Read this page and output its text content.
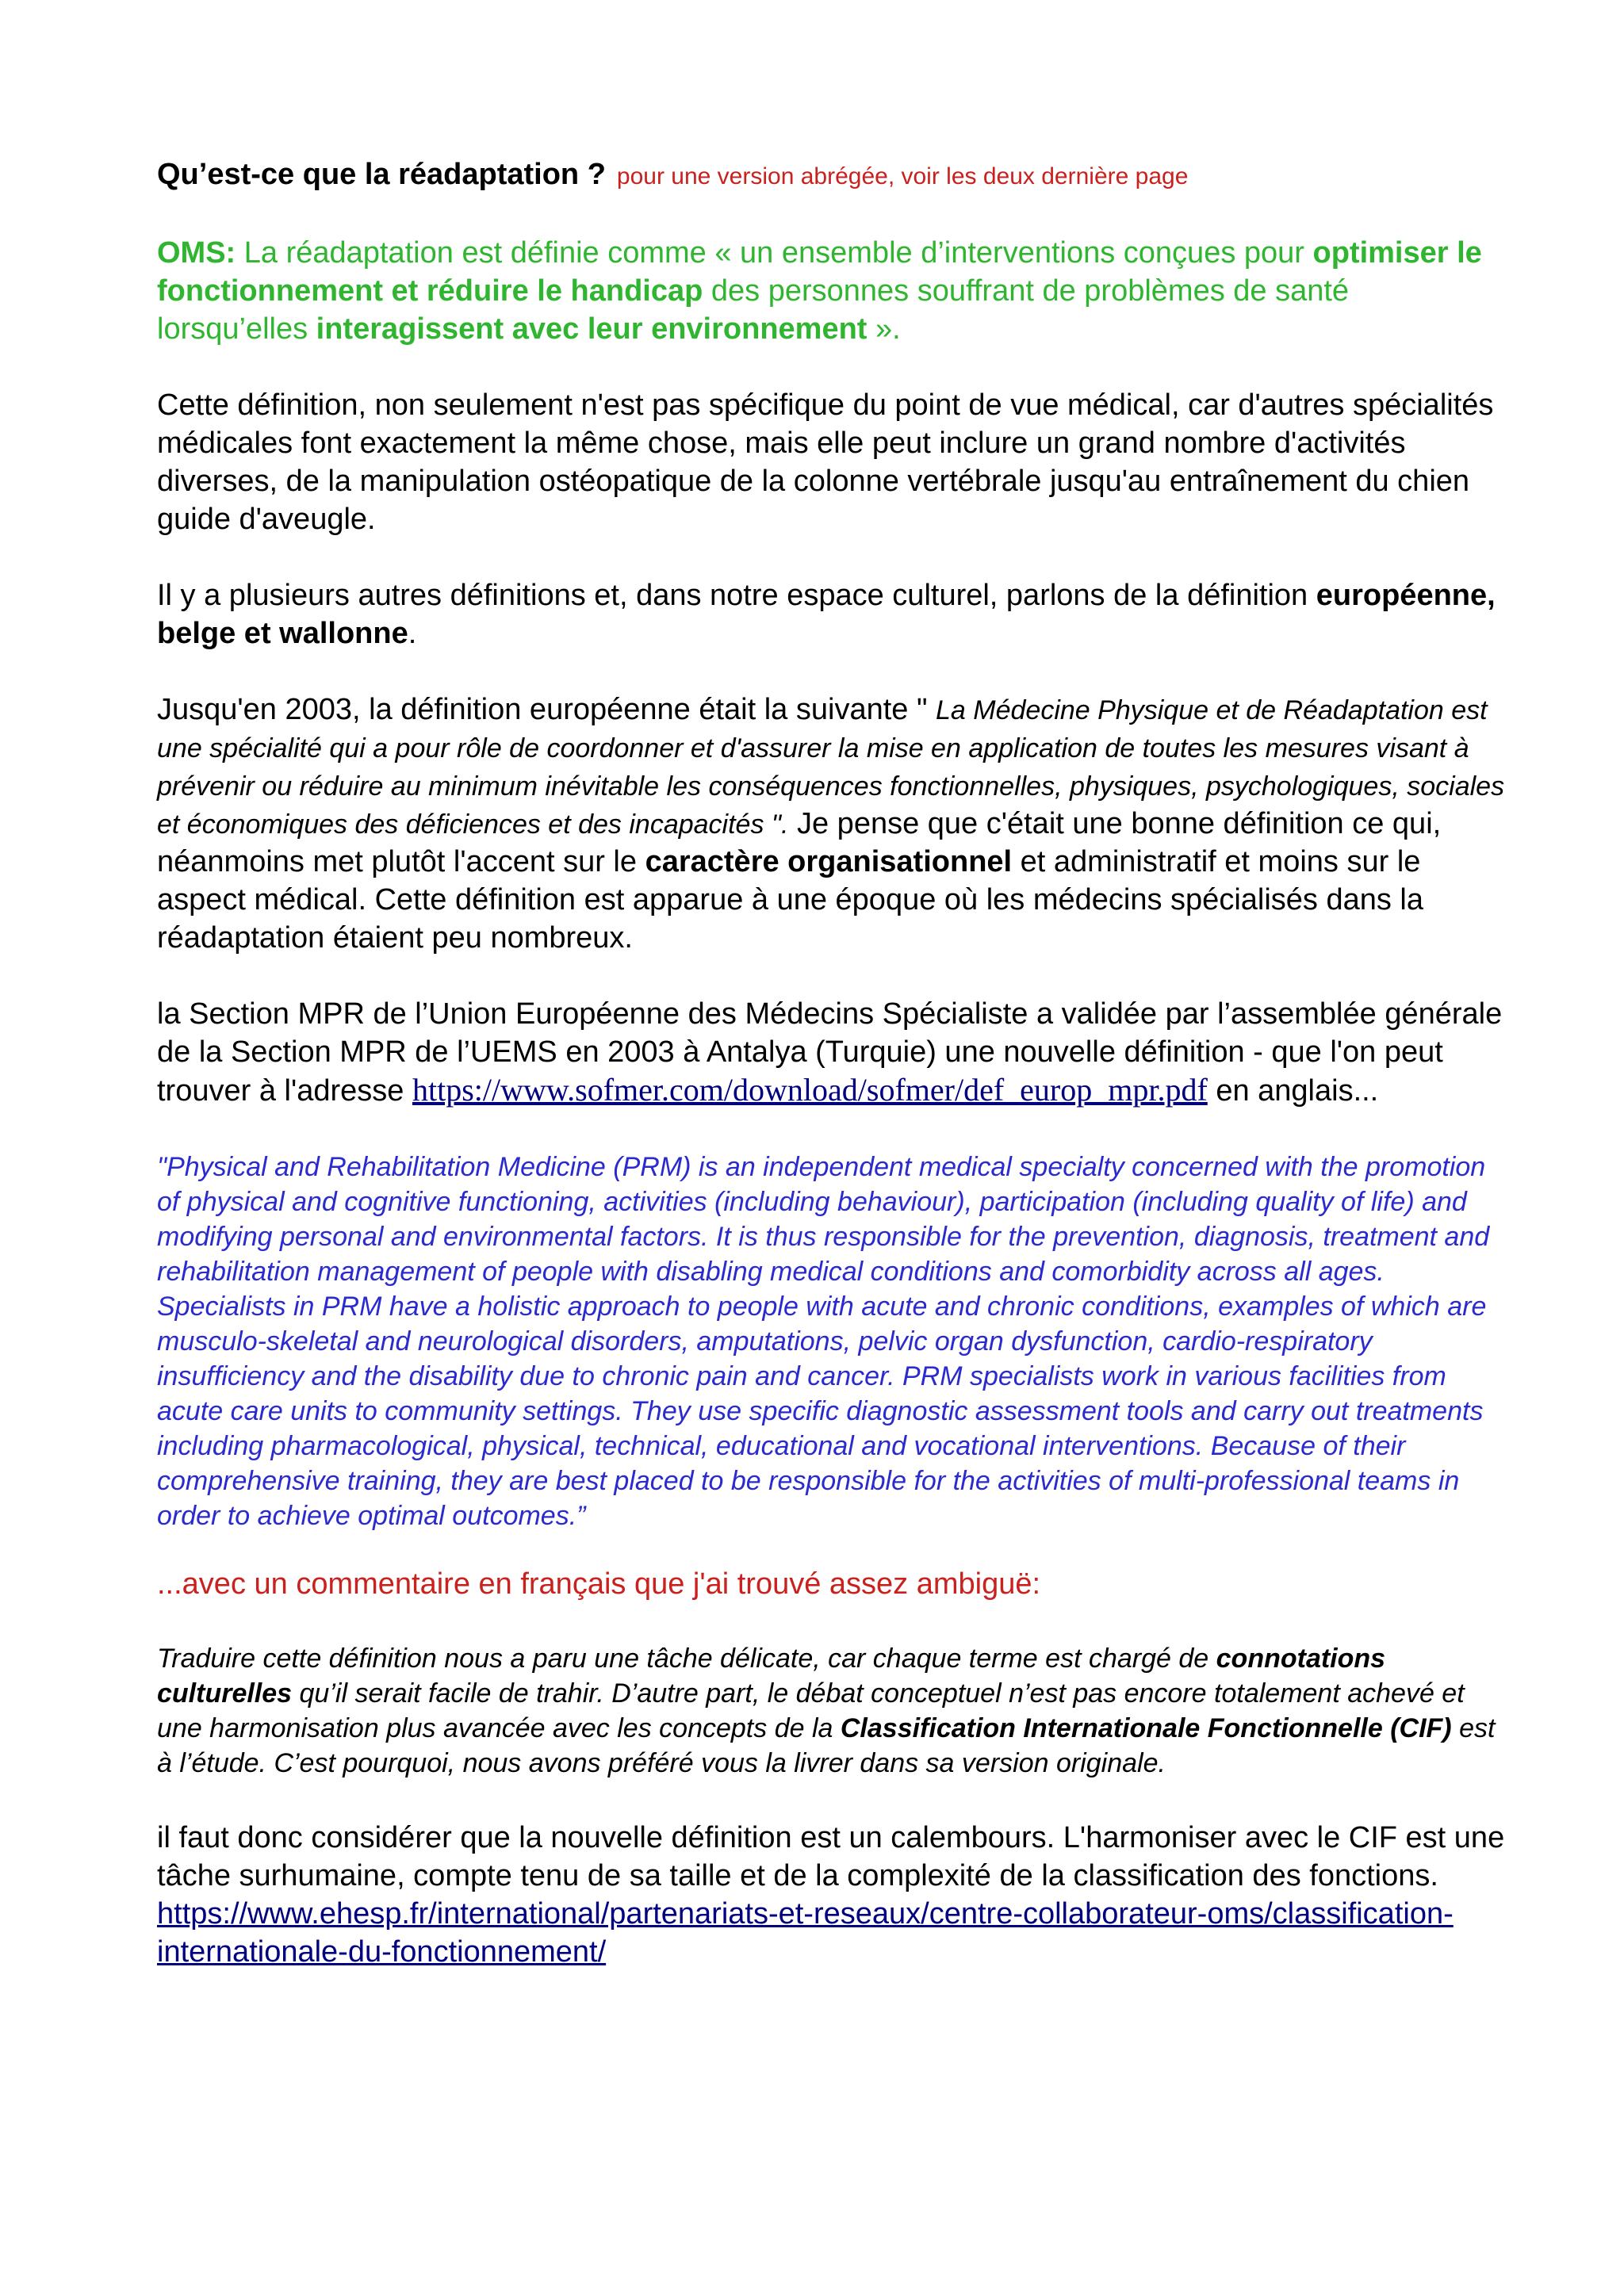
Qu’est-ce que la réadaptation ? pour une version abrégée, voir les deux dernière page

OMS: La réadaptation est définie comme « un ensemble d’interventions conçues pour optimiser le fonctionnement et réduire le handicap des personnes souffrant de problèmes de santé lorsqu’elles interagissent avec leur environnement ».

Cette définition, non seulement n'est pas spécifique du point de vue médical, car d'autres spécialités médicales font exactement la même chose, mais elle peut inclure un grand nombre d'activités diverses, de la manipulation ostéopatique de la colonne vertébrale jusqu'au entraînement du chien guide d'aveugle.

Il y a plusieurs autres définitions et, dans notre espace culturel, parlons de la définition européenne, belge et wallonne.

Jusqu'en 2003, la définition européenne était la suivante " La Médecine Physique et de Réadaptation est une spécialité qui a pour rôle de coordonner et d'assurer la mise en application de toutes les mesures visant à prévenir ou réduire au minimum inévitable les conséquences fonctionnelles, physiques, psychologiques, sociales et économiques des déficiences et des incapacités ". Je pense que c'était une bonne définition ce qui, néanmoins met plutôt l'accent sur le caractère organisationnel et administratif et moins sur le aspect médical. Cette définition est apparue à une époque où les médecins spécialisés dans la réadaptation étaient peu nombreux.

la Section MPR de l’Union Européenne des Médecins Spécialiste a validée par l’assemblée générale de la Section MPR de l’UEMS en 2003 à Antalya (Turquie) une nouvelle définition - que l'on peut trouver à l'adresse https://www.sofmer.com/download/sofmer/def_europ_mpr.pdf en anglais...

"Physical and Rehabilitation Medicine (PRM) is an independent medical specialty concerned with the promotion of physical and cognitive functioning, activities (including behaviour), participation (including quality of life) and modifying personal and environmental factors. It is thus responsible for the prevention, diagnosis, treatment and rehabilitation management of people with disabling medical conditions and comorbidity across all ages. Specialists in PRM have a holistic approach to people with acute and chronic conditions, examples of which are musculo-skeletal and neurological disorders, amputations, pelvic organ dysfunction, cardio-respiratory insufficiency and the disability due to chronic pain and cancer. PRM specialists work in various facilities from acute care units to community settings. They use specific diagnostic assessment tools and carry out treatments including pharmacological, physical, technical, educational and vocational interventions. Because of their comprehensive training, they are best placed to be responsible for the activities of multi-professional teams in order to achieve optimal outcomes.”

...avec un commentaire en français que j'ai trouvé assez ambiguë:

Traduire cette définition nous a paru une tâche délicate, car chaque terme est chargé de connotations culturelles qu’il serait facile de trahir. D’autre part, le débat conceptuel n’est pas encore totalement achevé et une harmonisation plus avancée avec les concepts de la Classification Internationale Fonctionnelle (CIF) est à l’étude. C’est pourquoi, nous avons préféré vous la livrer dans sa version originale.

il faut donc considérer que la nouvelle définition est un calembours. L'harmoniser avec le CIF est une tâche surhumaine, compte tenu de sa taille et de la complexité de la classification des fonctions.
https://www.ehesp.fr/international/partenariats-et-reseaux/centre-collaborateur-oms/classification-internationale-du-fonctionnement/
